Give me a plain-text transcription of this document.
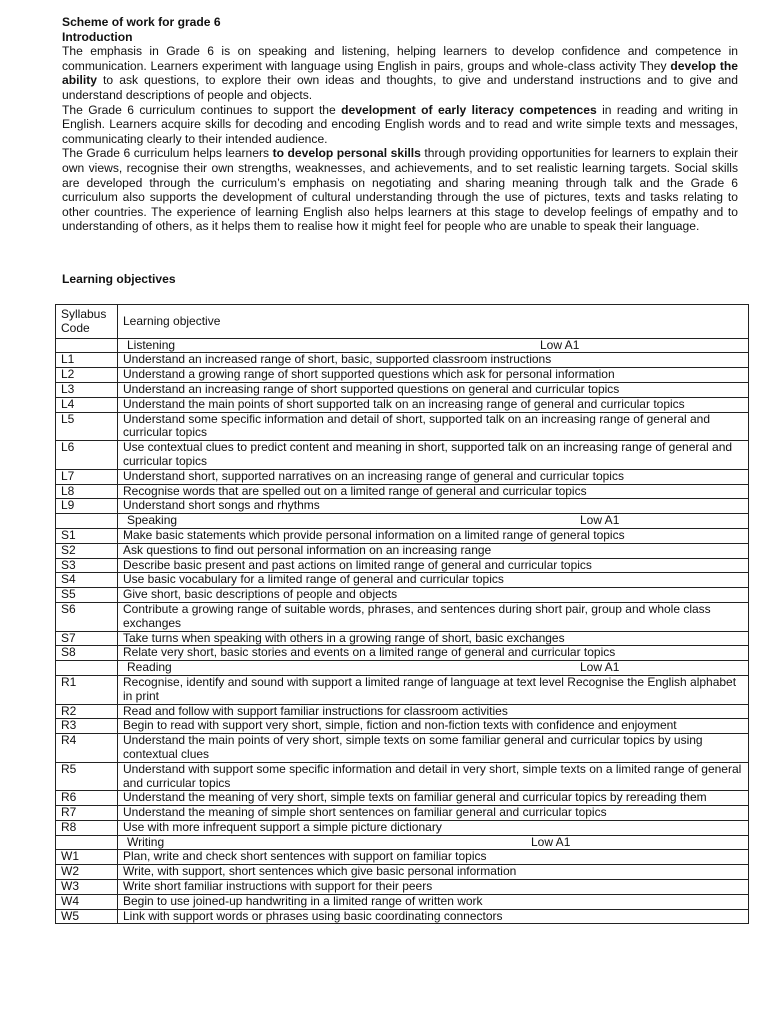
Scheme of work for grade 6
Introduction

The emphasis in Grade 6 is on speaking and listening, helping learners to develop confidence and competence in communication. Learners experiment with language using English in pairs, groups and whole-class activity They develop the ability to ask questions, to explore their own ideas and thoughts, to give and understand instructions and to give and understand descriptions of people and objects.

The Grade 6 curriculum continues to support the development of early literacy competences in reading and writing in English. Learners acquire skills for decoding and encoding English words and to read and write simple texts and messages, communicating clearly to their intended audience.

The Grade 6 curriculum helps learners to develop personal skills through providing opportunities for learners to explain their own views, recognise their own strengths, weaknesses, and achievements, and to set realistic learning targets. Social skills are developed through the curriculum’s emphasis on negotiating and sharing meaning through talk and the Grade 6 curriculum also supports the development of cultural understanding through the use of pictures, texts and tasks relating to other countries. The experience of learning English also helps learners at this stage to develop feelings of empathy and to understanding of others, as it helps them to realise how it might feel for people who are unable to speak their language.

Learning objectives
Syllabus Code	Learning objective
	Listening Low A1

L1	Understand an increased range of short, basic, supported classroom instructions
L2	Understand a growing range of short supported questions which ask for personal information
L3	Understand an increasing range of short supported questions on general and curricular topics
L4	Understand the main points of short supported talk on an increasing range of general and curricular topics
L5	Understand some specific information and detail of short, supported talk on an increasing range of general and curricular topics
L6	Use contextual clues to predict content and meaning in short, supported talk on an increasing range of general and curricular topics
L7	Understand short, supported narratives on an increasing range of general and curricular topics
L8	Recognise words that are spelled out on a limited range of general and curricular topics
L9	Understand short songs and rhythms
	Speaking Low A1

S1	Make basic statements which provide personal information on a limited range of general topics
S2	Ask questions to find out personal information on an increasing range
S3	Describe basic present and past actions on limited range of general and curricular topics
S4	Use basic vocabulary for a limited range of general and curricular topics
S5	Give short, basic descriptions of people and objects
S6	Contribute a growing range of suitable words, phrases, and sentences during short pair, group and whole class exchanges
S7	Take turns when speaking with others in a growing range of short, basic exchanges
S8	Relate very short, basic stories and events on a limited range of general and curricular topics
	Reading Low A1

R1	Recognise, identify and sound with support a limited range of language at text level Recognise the English alphabet in print
R2	Read and follow with support familiar instructions for classroom activities
R3	Begin to read with support very short, simple, fiction and non-fiction texts with confidence and enjoyment
R4	Understand the main points of very short, simple texts on some familiar general and curricular topics by using contextual clues
R5	Understand with support some specific information and detail in very short, simple texts on a limited range of general and curricular topics
R6	Understand the meaning of very short, simple texts on familiar general and curricular topics by rereading them
R7	Understand the meaning of simple short sentences on familiar general and curricular topics
R8	Use with more infrequent support a simple picture dictionary
	Writing Low A1

W1	Plan, write and check short sentences with support on familiar topics
W2	Write, with support, short sentences which give basic personal information
W3	Write short familiar instructions with support for their peers
W4	Begin to use joined-up handwriting in a limited range of written work
W5	Link with support words or phrases using basic coordinating connectors
